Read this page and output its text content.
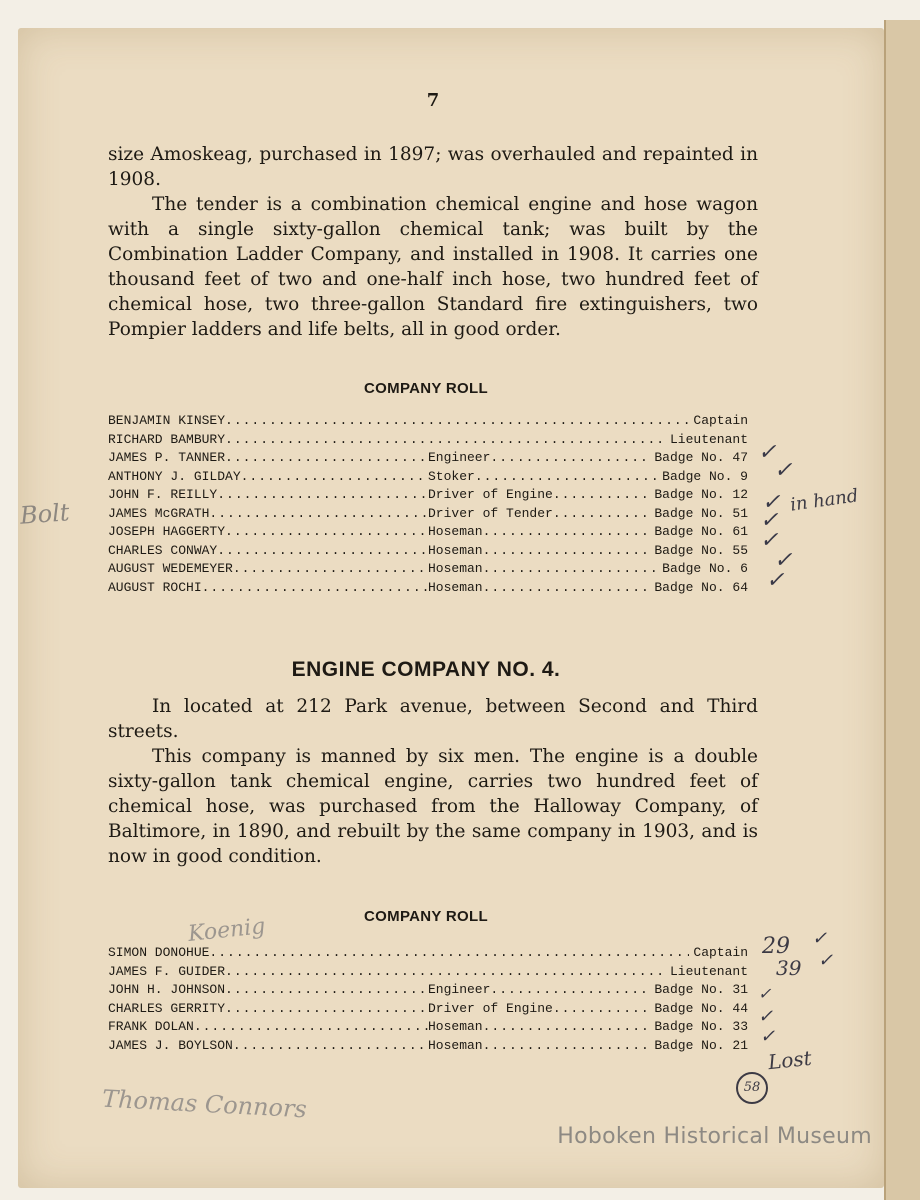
7

size Amoskeag, purchased in 1897; was overhauled and repainted in 1908.

The tender is a combination chemical engine and hose wagon with a single sixty-gallon chemical tank; was built by the Combination Ladder Company, and installed in 1908. It carries one thousand feet of two and one-half inch hose, two hundred feet of chemical hose, two three-gallon Standard fire extinguishers, two Pompier ladders and life belts, all in good order.

COMPANY ROLL
BENJAMIN KINSEY .....	Captain
RICHARD BAMBURY .....	Lieutenant
JAMES P. TANNER .....	Engineer .....	Badge No. 47
ANTHONY J. GILDAY .....	Stoker .....	Badge No. 9
JOHN F. REILLY .....	Driver of Engine .....	Badge No. 12
JAMES McGRATH .....	Driver of Tender .....	Badge No. 51
JOSEPH HAGGERTY .....	Hoseman .....	Badge No. 61
CHARLES CONWAY .....	Hoseman .....	Badge No. 55
AUGUST WEDEMEYER .....	Hoseman .....	Badge No. 6
AUGUST ROCHI .....	Hoseman .....	Badge No. 64
ENGINE COMPANY NO. 4.

In located at 212 Park avenue, between Second and Third streets.

This company is manned by six men. The engine is a double sixty-gallon tank chemical engine, carries two hundred feet of chemical hose, was purchased from the Halloway Company, of Baltimore, in 1890, and rebuilt by the same company in 1903, and is now in good condition.

COMPANY ROLL
SIMON DONOHUE .....	Captain
JAMES F. GUIDER .....	Lieutenant
JOHN H. JOHNSON .....	Engineer .....	Badge No. 31
CHARLES GERRITY .....	Driver of Engine .....	Badge No. 44
FRANK DOLAN .....	Hoseman .....	Badge No. 33
JAMES J. BOYLSON .....	Hoseman .....	Badge No. 21
Bolt
✓
✓
✓
✓
in hand
✓
✓
✓
Koenig	29 ✓
39 ✓
✓
✓
✓
Lost
58
Thomas Connors
Hoboken Historical Museum
